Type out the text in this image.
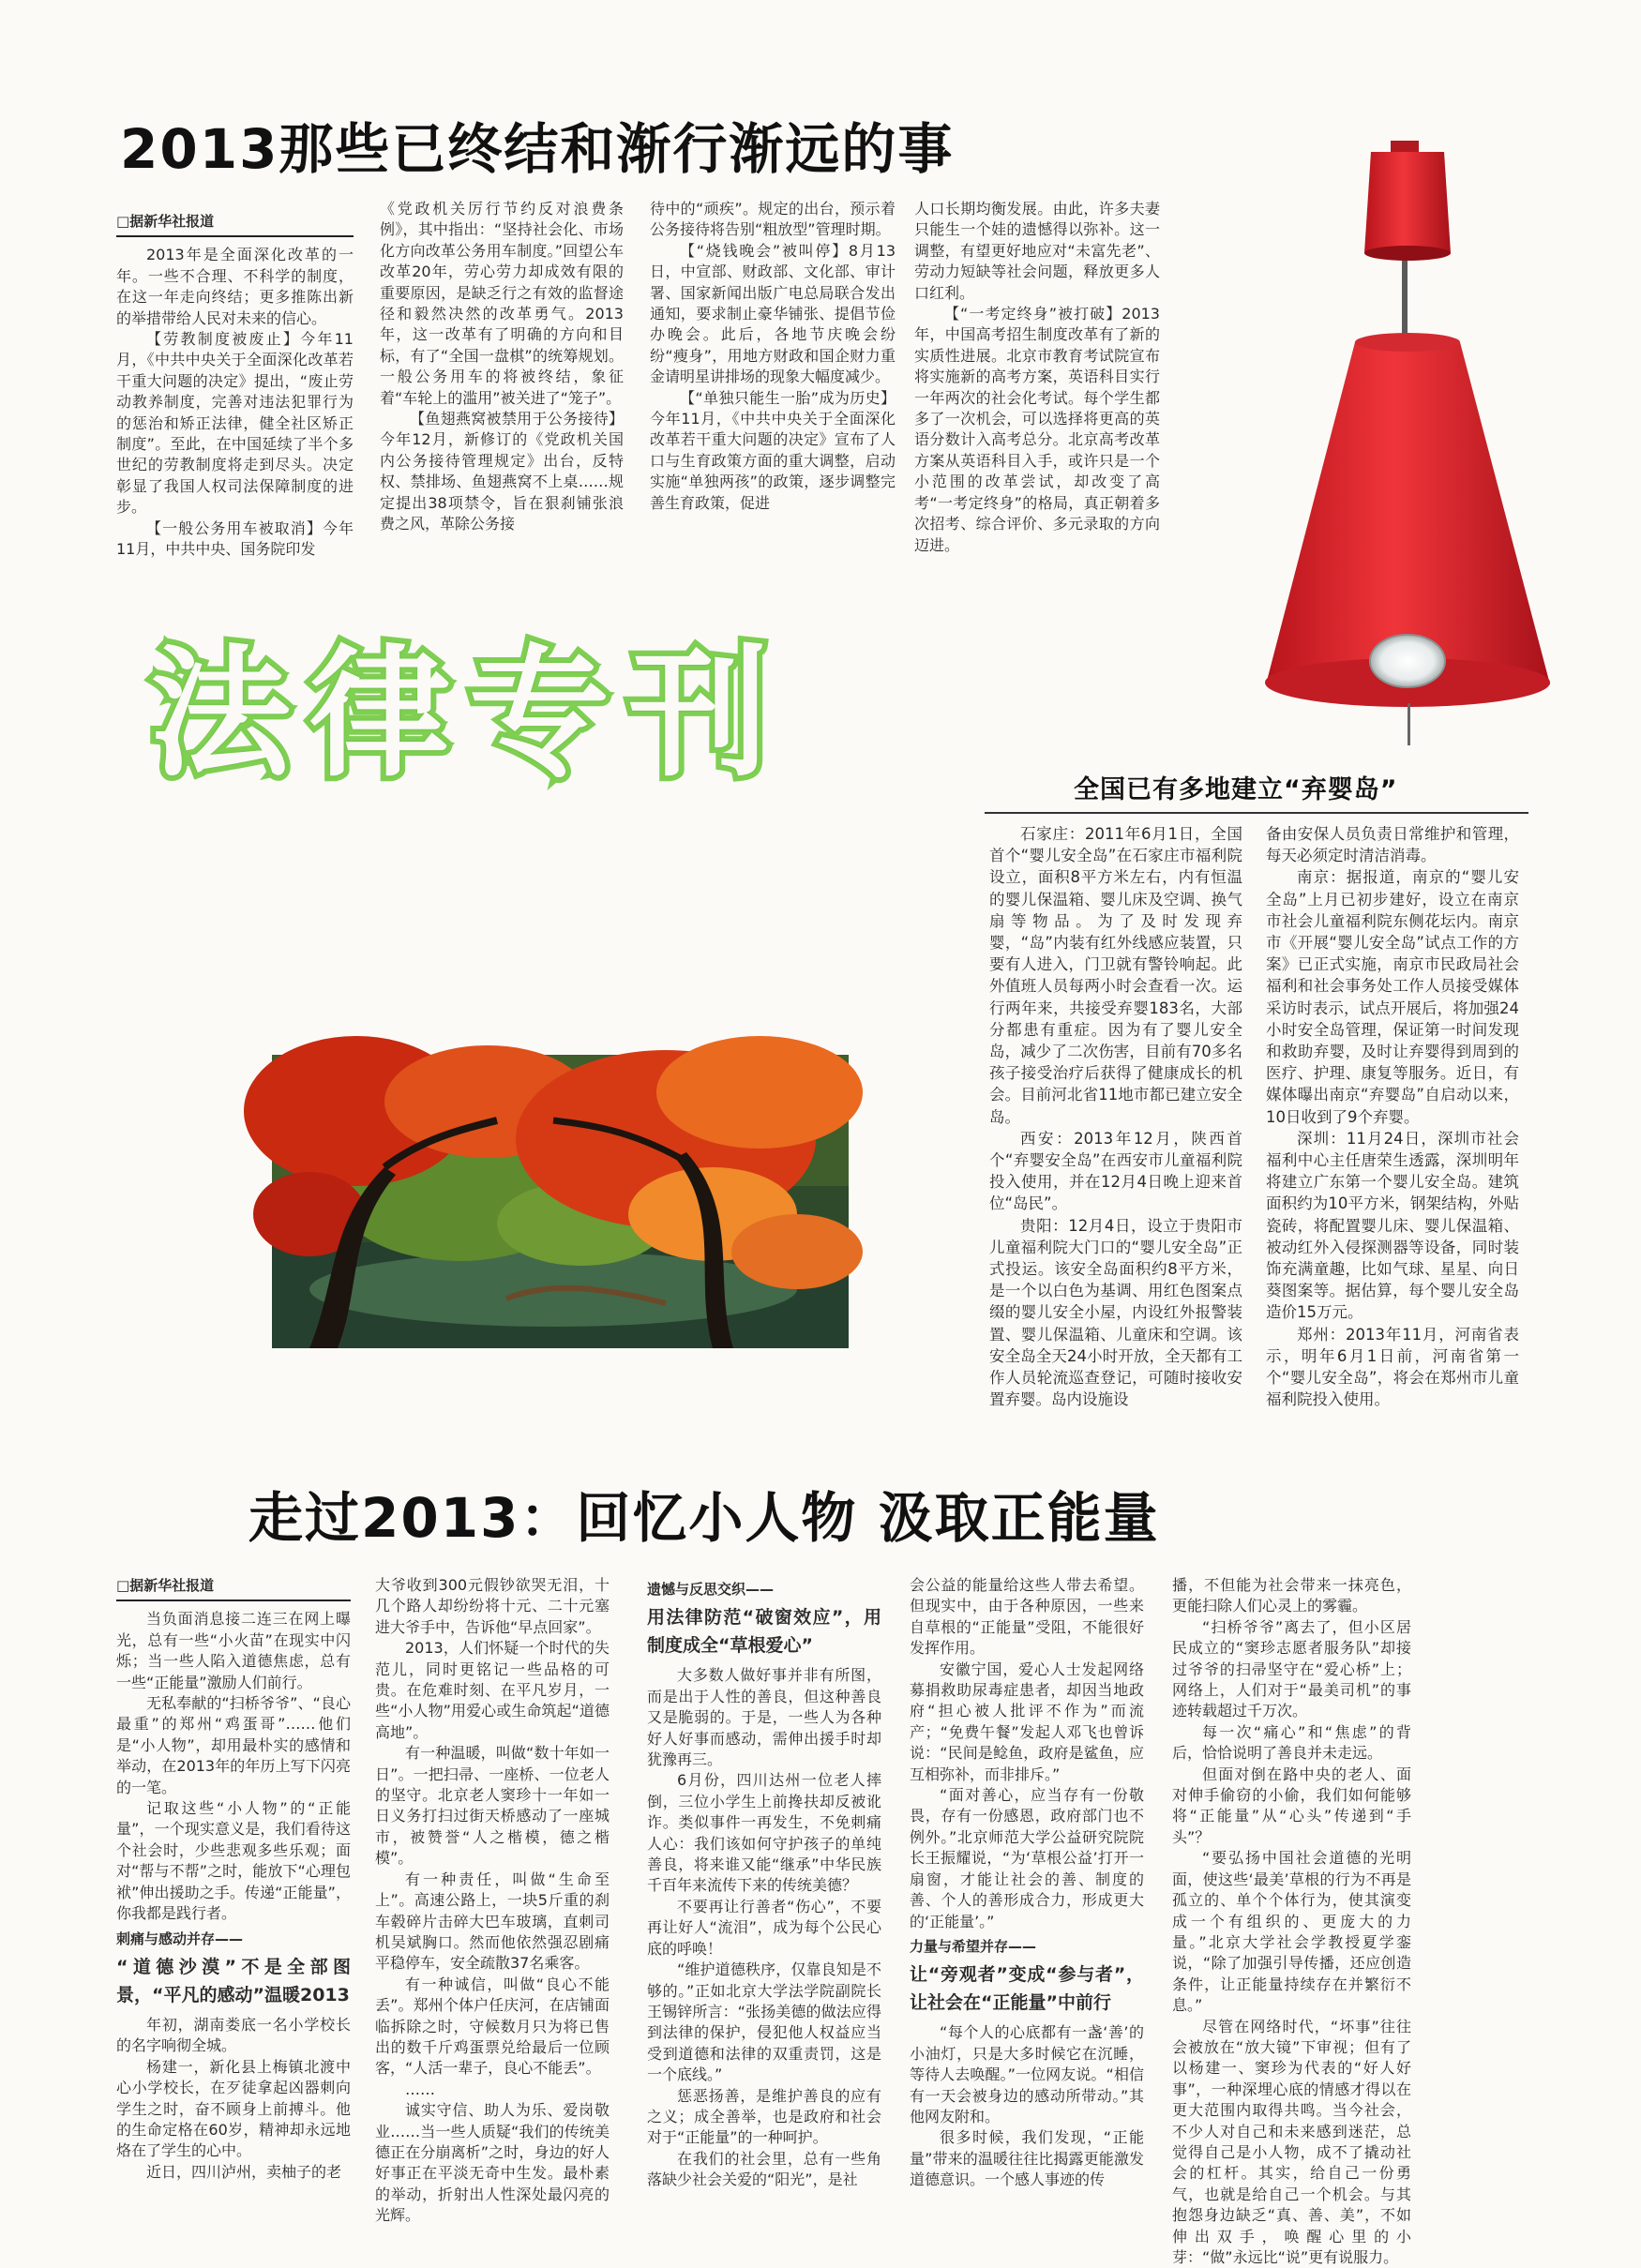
2013那些已终结和渐行渐远的事
□据新华社报道

2013年是全面深化改革的一年。一些不合理、不科学的制度，在这一年走向终结；更多推陈出新的举措带给人民对未来的信心。

【劳教制度被废止】今年11月，《中共中央关于全面深化改革若干重大问题的决定》提出，“废止劳动教养制度，完善对违法犯罪行为的惩治和矫正法律，健全社区矫正制度”。至此，在中国延续了半个多世纪的劳教制度将走到尽头。决定彰显了我国人权司法保障制度的进步。

【一般公务用车被取消】今年11月，中共中央、国务院印发

《党政机关厉行节约反对浪费条例》，其中指出：“坚持社会化、市场化方向改革公务用车制度。”回望公车改革20年，劳心劳力却成效有限的重要原因，是缺乏行之有效的监督途径和毅然决然的改革勇气。2013年，这一改革有了明确的方向和目标，有了“全国一盘棋”的统筹规划。一般公务用车的将被终结，象征着“车轮上的滥用”被关进了“笼子”。

【鱼翅燕窝被禁用于公务接待】今年12月，新修订的《党政机关国内公务接待管理规定》出台，反特权、禁排场、鱼翅燕窝不上桌……规定提出38项禁令，旨在狠刹铺张浪费之风，革除公务接

待中的“顽疾”。规定的出台，预示着公务接待将告别“粗放型”管理时期。

【“烧钱晚会”被叫停】8月13日，中宣部、财政部、文化部、审计署、国家新闻出版广电总局联合发出通知，要求制止豪华铺张、提倡节俭办晚会。此后，各地节庆晚会纷纷“瘦身”，用地方财政和国企财力重金请明星讲排场的现象大幅度减少。

【“单独只能生一胎”成为历史】今年11月，《中共中央关于全面深化改革若干重大问题的决定》宣布了人口与生育政策方面的重大调整，启动实施“单独两孩”的政策，逐步调整完善生育政策，促进

人口长期均衡发展。由此，许多夫妻只能生一个娃的遗憾得以弥补。这一调整，有望更好地应对“未富先老”、劳动力短缺等社会问题，释放更多人口红利。

【“一考定终身”被打破】2013年，中国高考招生制度改革有了新的实质性进展。北京市教育考试院宣布将实施新的高考方案，英语科目实行一年两次的社会化考试。每个学生都多了一次机会，可以选择将更高的英语分数计入高考总分。北京高考改革方案从英语科目入手，或许只是一个小范围的改革尝试，却改变了高考“一考定终身”的格局，真正朝着多次招考、综合评价、多元录取的方向迈进。

法律专刊	全国已有多地建立“弃婴岛”

石家庄：2011年6月1日，全国首个“婴儿安全岛”在石家庄市福利院设立，面积8平方米左右，内有恒温的婴儿保温箱、婴儿床及空调、换气扇等物品。为了及时发现弃婴，“岛”内装有红外线感应装置，只要有人进入，门卫就有警铃响起。此外值班人员每两小时会查看一次。运行两年来，共接受弃婴183名，大部分都患有重症。因为有了婴儿安全岛，减少了二次伤害，目前有70多名孩子接受治疗后获得了健康成长的机会。目前河北省11地市都已建立安全岛。

西安：2013年12月，陕西首个“弃婴安全岛”在西安市儿童福利院投入使用，并在12月4日晚上迎来首位“岛民”。

贵阳：12月4日，设立于贵阳市儿童福利院大门口的“婴儿安全岛”正式投运。该安全岛面积约8平方米，是一个以白色为基调、用红色图案点缀的婴儿安全小屋，内设红外报警装置、婴儿保温箱、儿童床和空调。该安全岛全天24小时开放，全天都有工作人员轮流巡查登记，可随时接收安置弃婴。岛内设施设

备由安保人员负责日常维护和管理，每天必须定时清洁消毒。

南京：据报道，南京的“婴儿安全岛”上月已初步建好，设立在南京市社会儿童福利院东侧花坛内。南京市《开展“婴儿安全岛”试点工作的方案》已正式实施，南京市民政局社会福利和社会事务处工作人员接受媒体采访时表示，试点开展后，将加强24小时安全岛管理，保证第一时间发现和救助弃婴，及时让弃婴得到周到的医疗、护理、康复等服务。近日，有媒体曝出南京“弃婴岛”自启动以来，10日收到了9个弃婴。

深圳：11月24日，深圳市社会福利中心主任唐荣生透露，深圳明年将建立广东第一个婴儿安全岛。建筑面积约为10平方米，钢架结构，外贴瓷砖，将配置婴儿床、婴儿保温箱、被动红外入侵探测器等设备，同时装饰充满童趣，比如气球、星星、向日葵图案等。据估算，每个婴儿安全岛造价15万元。

郑州：2013年11月，河南省表示，明年6月1日前，河南省第一个“婴儿安全岛”，将会在郑州市儿童福利院投入使用。

走过2013：回忆小人物 汲取正能量
□据新华社报道

当负面消息接二连三在网上曝光，总有一些“小火苗”在现实中闪烁；当一些人陷入道德焦虑，总有一些“正能量”激励人们前行。

无私奉献的“扫桥爷爷”、“良心最重”的郑州“鸡蛋哥”……他们是“小人物”，却用最朴实的感情和举动，在2013年的年历上写下闪亮的一笔。

记取这些“小人物”的“正能量”，一个现实意义是，我们看待这个社会时，少些悲观多些乐观；面对“帮与不帮”之时，能放下“心理包袱”伸出援助之手。传递“正能量”，你我都是践行者。

刺痛与感动并存——
“道德沙漠”不是全部图景，“平凡的感动”温暖2013

年初，湖南娄底一名小学校长的名字响彻全城。

杨建一，新化县上梅镇北渡中心小学校长，在歹徒拿起凶器刺向学生之时，奋不顾身上前搏斗。他的生命定格在60岁，精神却永远地烙在了学生的心中。

近日，四川泸州，卖柚子的老

大爷收到300元假钞欲哭无泪，十几个路人却纷纷将十元、二十元塞进大爷手中，告诉他“早点回家”。

2013，人们怀疑一个时代的失范儿，同时更铭记一些品格的可贵。在危难时刻、在平凡岁月，一些“小人物”用爱心或生命筑起“道德高地”。

有一种温暖，叫做“数十年如一日”。一把扫帚、一座桥、一位老人的坚守。北京老人窦珍十一年如一日义务打扫过街天桥感动了一座城市，被赞誉“人之楷模，德之楷模”。

有一种责任，叫做“生命至上”。高速公路上，一块5斤重的刹车毂碎片击碎大巴车玻璃，直刺司机吴斌胸口。然而他依然强忍剧痛平稳停车，安全疏散37名乘客。

有一种诚信，叫做“良心不能丢”。郑州个体户任庆河，在店铺面临拆除之时，守候数月只为将已售出的数千斤鸡蛋票兑给最后一位顾客，“人活一辈子，良心不能丢”。

……

诚实守信、助人为乐、爱岗敬业……当一些人质疑“我们的传统美德正在分崩离析”之时，身边的好人好事正在平淡无奇中生发。最朴素的举动，折射出人性深处最闪亮的光辉。

遗憾与反思交织——
用法律防范“破窗效应”，用制度成全“草根爱心”

大多数人做好事并非有所图，而是出于人性的善良，但这种善良又是脆弱的。于是，一些人为各种好人好事而感动，需伸出援手时却犹豫再三。

6月份，四川达州一位老人摔倒，三位小学生上前搀扶却反被讹诈。类似事件一再发生，不免刺痛人心：我们该如何守护孩子的单纯善良，将来谁又能“继承”中华民族千百年来流传下来的传统美德？

不要再让行善者“伤心”，不要再让好人“流泪”，成为每个公民心底的呼唤！

“维护道德秩序，仅靠良知是不够的。”正如北京大学法学院副院长王锡锌所言：“张扬美德的做法应得到法律的保护，侵犯他人权益应当受到道德和法律的双重责罚，这是一个底线。”

惩恶扬善，是维护善良的应有之义；成全善举，也是政府和社会对于“正能量”的一种呵护。

在我们的社会里，总有一些角落缺少社会关爱的“阳光”，是社

会公益的能量给这些人带去希望。但现实中，由于各种原因，一些来自草根的“正能量”受阻，不能很好发挥作用。

安徽宁国，爱心人士发起网络募捐救助尿毒症患者，却因当地政府“担心被人批评不作为”而流产；“免费午餐”发起人邓飞也曾诉说：“民间是鲶鱼，政府是鲨鱼，应互相弥补，而非排斥。”

“面对善心，应当存有一份敬畏，存有一份感恩，政府部门也不例外。”北京师范大学公益研究院院长王振耀说，“为‘草根公益’打开一扇窗，才能让社会的善、制度的善、个人的善形成合力，形成更大的‘正能量’。”

力量与希望并存——
让“旁观者”变成“参与者”，让社会在“正能量”中前行

“每个人的心底都有一盏‘善’的小油灯，只是大多时候它在沉睡，等待人去唤醒。”一位网友说。“相信有一天会被身边的感动所带动。”其他网友附和。

很多时候，我们发现，“正能量”带来的温暖往往比揭露更能激发道德意识。一个感人事迹的传

播，不但能为社会带来一抹亮色，更能扫除人们心灵上的雾霾。

“扫桥爷爷”离去了，但小区居民成立的“窦珍志愿者服务队”却接过爷爷的扫帚坚守在“爱心桥”上；网络上，人们对于“最美司机”的事迹转载超过千万次。

每一次“痛心”和“焦虑”的背后，恰恰说明了善良并未走远。

但面对倒在路中央的老人、面对伸手偷窃的小偷，我们如何能够将“正能量”从“心头”传递到“手头”？

“要弘扬中国社会道德的光明面，使这些‘最美’草根的行为不再是孤立的、单个个体行为，使其演变成一个有组织的、更庞大的力量。”北京大学社会学教授夏学銮说，“除了加强引导传播，还应创造条件，让正能量持续存在并繁衍不息。”

尽管在网络时代，“坏事”往往会被放在“放大镜”下审视；但有了以杨建一、窦珍为代表的“好人好事”，一种深埋心底的情感才得以在更大范围内取得共鸣。当今社会，不少人对自己和未来感到迷茫，总觉得自己是小人物，成不了撬动社会的杠杆。其实，给自己一份勇气，也就是给自己一个机会。与其抱怨身边缺乏“真、善、美”，不如伸出双手，唤醒心里的小芽：“做”永远比“说”更有说服力。
